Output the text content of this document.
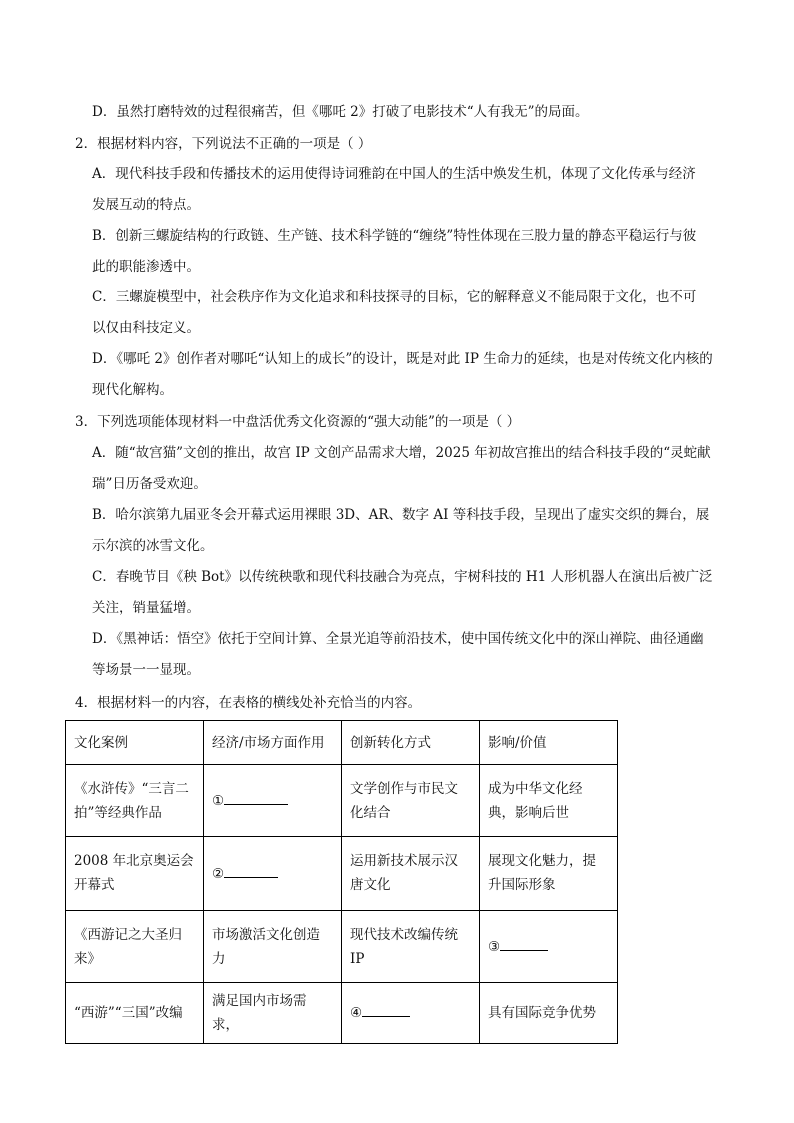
D．虽然打磨特效的过程很痛苦，但《哪吒 2》打破了电影技术“人有我无”的局面。
2．根据材料内容，下列说法不正确的一项是（ ）
A．现代科技手段和传播技术的运用使得诗词雅韵在中国人的生活中焕发生机，体现了文化传承与经济
发展互动的特点。
B．创新三螺旋结构的行政链、生产链、技术科学链的“缠绕”特性体现在三股力量的静态平稳运行与彼
此的职能渗透中。
C．三螺旋模型中，社会秩序作为文化追求和科技探寻的目标，它的解释意义不能局限于文化，也不可
以仅由科技定义。
D．《哪吒 2》创作者对哪吒“认知上的成长”的设计，既是对此 IP 生命力的延续，也是对传统文化内核的
现代化解构。
3．下列选项能体现材料一中盘活优秀文化资源的“强大动能”的一项是（ ）
A．随“故宫猫”文创的推出，故宫 IP 文创产品需求大增，2025 年初故宫推出的结合科技手段的“灵蛇献
瑞”日历备受欢迎。
B．哈尔滨第九届亚冬会开幕式运用裸眼 3D、AR、数字 AI 等科技手段，呈现出了虚实交织的舞台，展
示尔滨的冰雪文化。
C．春晚节目《秧 Bot》以传统秧歌和现代科技融合为亮点，宇树科技的 H1 人形机器人在演出后被广泛
关注，销量猛增。
D．《黑神话：悟空》依托于空间计算、全景光追等前沿技术，使中国传统文化中的深山禅院、曲径通幽
等场景一一显现。
4．根据材料一的内容，在表格的横线处补充恰当的内容。
文化案例	经济/市场方面作用	创新转化方式	影响/价值
《水浒传》“三言二拍”等经典作品	①	文学创作与市民文化结合	成为中华文化经典，影响后世
2008 年北京奥运会开幕式	②	运用新技术展示汉唐文化	展现文化魅力，提升国际形象
《西游记之大圣归来》	市场激活文化创造力	现代技术改编传统 IP	③
“西游”“三国”改编	满足国内市场需求，	④	具有国际竞争优势
